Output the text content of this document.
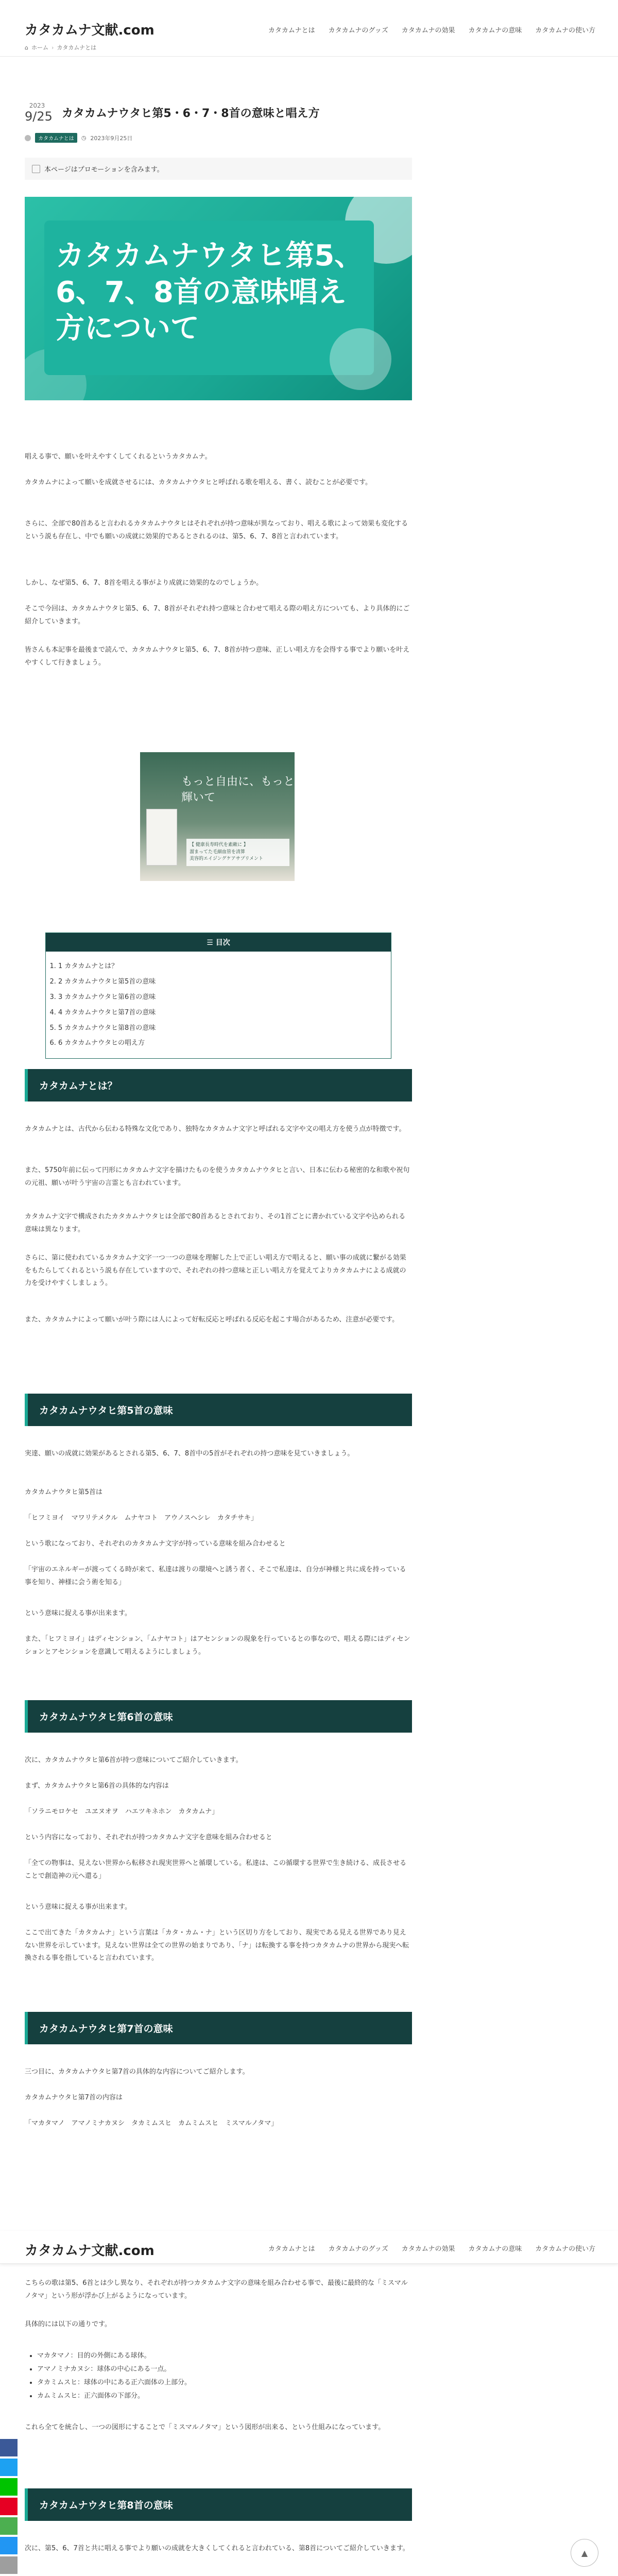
カタカムナ文献.com	カタカムナとは カタカムナのグッズ カタカムナの効果 カタカムナの意味 カタカムナの使い方
⌂ ホーム › カタカムナとは
2023
9/25 カタカムナウタヒ第5・6・7・8首の意味と唱え方
カタカムナとは	◷ 2023年9月25日
本ページはプロモーションを含みます。
カタカムナウタヒ第5、6、7、8首の意味唱え方について

唱える事で、願いを叶えやすくしてくれるというカタカムナ。

カタカムナによって願いを成就させるには、カタカムナウタヒと呼ばれる歌を唱える、書く、読むことが必要です。

さらに、全部で80首あると言われるカタカムナウタヒはそれぞれが持つ意味が異なっており、唱える歌によって効果も変化するという説も存在し、中でも願いの成就に効果的であるとされるのは、第5、6、7、8首と言われています。

しかし、なぜ第5、6、7、8首を唱える事がより成就に効果的なのでしょうか。

そこで今回は、カタカムナウタヒ第5、6、7、8首がそれぞれ持つ意味と合わせて唱える際の唱え方についても、より具体的にご紹介していきます。

皆さんも本記事を最後まで読んで、カタカムナウタヒ第5、6、7、8首が持つ意味、正しい唱え方を会得する事でより願いを叶えやすくして行きましょう。

もっと自由に、もっと輝いて
【 健康長寿時代を素敵に 】
溜まってた毛細血管を清算
美容的エイジングケアサプリメント
☰ 目次
1. 1 カタカムナとは？
2. 2 カタカムナウタヒ第5首の意味
3. 3 カタカムナウタヒ第6首の意味
4. 4 カタカムナウタヒ第7首の意味
5. 5 カタカムナウタヒ第8首の意味
6. 6 カタカムナウタヒの唱え方
カタカムナとは？

カタカムナとは、古代から伝わる特殊な文化であり、独特なカタカムナ文字と呼ばれる文字や文の唱え方を使う点が特徴です。

また、5750年前に伝って円形にカタカムナ文字を描けたものを使うカタカムナウタヒと言い、日本に伝わる秘密的な和歌や祝句の元祖、願いが叶う宇宙の言霊とも言われています。

カタカムナ文字で構成されたカタカムナウタヒは全部で80首あるとされており、その1首ごとに書かれている文字や込められる意味は異なります。

さらに、第に使われているカタカムナ文字一つ一つの意味を理解した上で正しい唱え方で唱えると、願い事の成就に繋がる効果をもたらしてくれるという説も存在していますので、それぞれの持つ意味と正しい唱え方を覚えてよりカタカムナによる成就の力を受けやすくしましょう。

また、カタカムナによって願いが叶う際には人によって好転反応と呼ばれる反応を起こす場合があるため、注意が必要です。

カタカムナウタヒ第5首の意味

実達、願いの成就に効果があるとされる第5、6、7、8首中の5首がそれぞれの持つ意味を見ていきましょう。

カタカムナウタヒ第5首は

「ヒフミヨイ　マワリテメクル　ムナヤコト　アウノスヘシレ　カタチサキ」

という歌になっており、それぞれのカタカムナ文字が持っている意味を組み合わせると

「宇宙のエネルギーが渡ってくる時が来て、私達は渡りの環境へと誘う者く、そこで私達は、自分が神様と共に成を持っている事を知り、神様に会う術を知る」

という意味に捉える事が出来ます。

また、「ヒフミヨイ」はディセンション、「ムナヤコト」はアセンションの現象を行っているとの事なので、唱える際にはディセンションとアセンションを意識して唱えるようにしましょう。

カタカムナウタヒ第6首の意味

次に、カタカムナウタヒ第6首が持つ意味についてご紹介していきます。

まず、カタカムナウタヒ第6首の具体的な内容は

「ソラニモロケセ　ユヱヌオヲ　ハエツキネホン　カタカムナ」

という内容になっており、それぞれが持つカタカムナ文字を意味を組み合わせると

「全ての物事は、見えない世界から転移され現実世界へと循環している。私達は、この循環する世界で生き続ける、成長させることで創造神の元へ還る」

という意味に捉える事が出来ます。

ここで出てきた「カタカムナ」という言葉は「カタ・カム・ナ」という区切り方をしており、現実である見える世界であり見えない世界を示しています。見えない世界は全ての世界の始まりであり、「ナ」は転換する事を持つカタカムナの世界から現実へ転換される事を指していると言われています。

カタカムナウタヒ第7首の意味

三つ目に、カタカムナウタヒ第7首の具体的な内容についてご紹介します。

カタカムナウタヒ第7首の内容は

「マカタマノ　アマノミナカヌシ　タカミムスヒ　カムミムスヒ　ミスマルノタマ」

カタカムナ文献.com	カタカムナとは カタカムナのグッズ カタカムナの効果 カタカムナの意味 カタカムナの使い方

こちらの歌は第5、6首とは少し異なり、それぞれが持つカタカムナ文字の意味を組み合わせる事で、最後に最終的な「ミスマルノタマ」という形が浮かび上がるようになっています。

具体的には以下の通りです。

• マカタマノ：目的の外側にある球体。
• アマノミナカヌシ：球体の中心にある一点。
• タカミムスヒ：球体の中にある正六面体の上部分。
• カムミムスヒ：正六面体の下部分。

これら全てを統合し、一つの図形にすることで「ミスマルノタマ」という図形が出来る、という仕組みになっています。

カタカムナウタヒ第8首の意味

次に、第5、6、7首と共に唱える事でより願いの成就を大きくしてくれると言われている、第8首についてご紹介していきます。	▲
